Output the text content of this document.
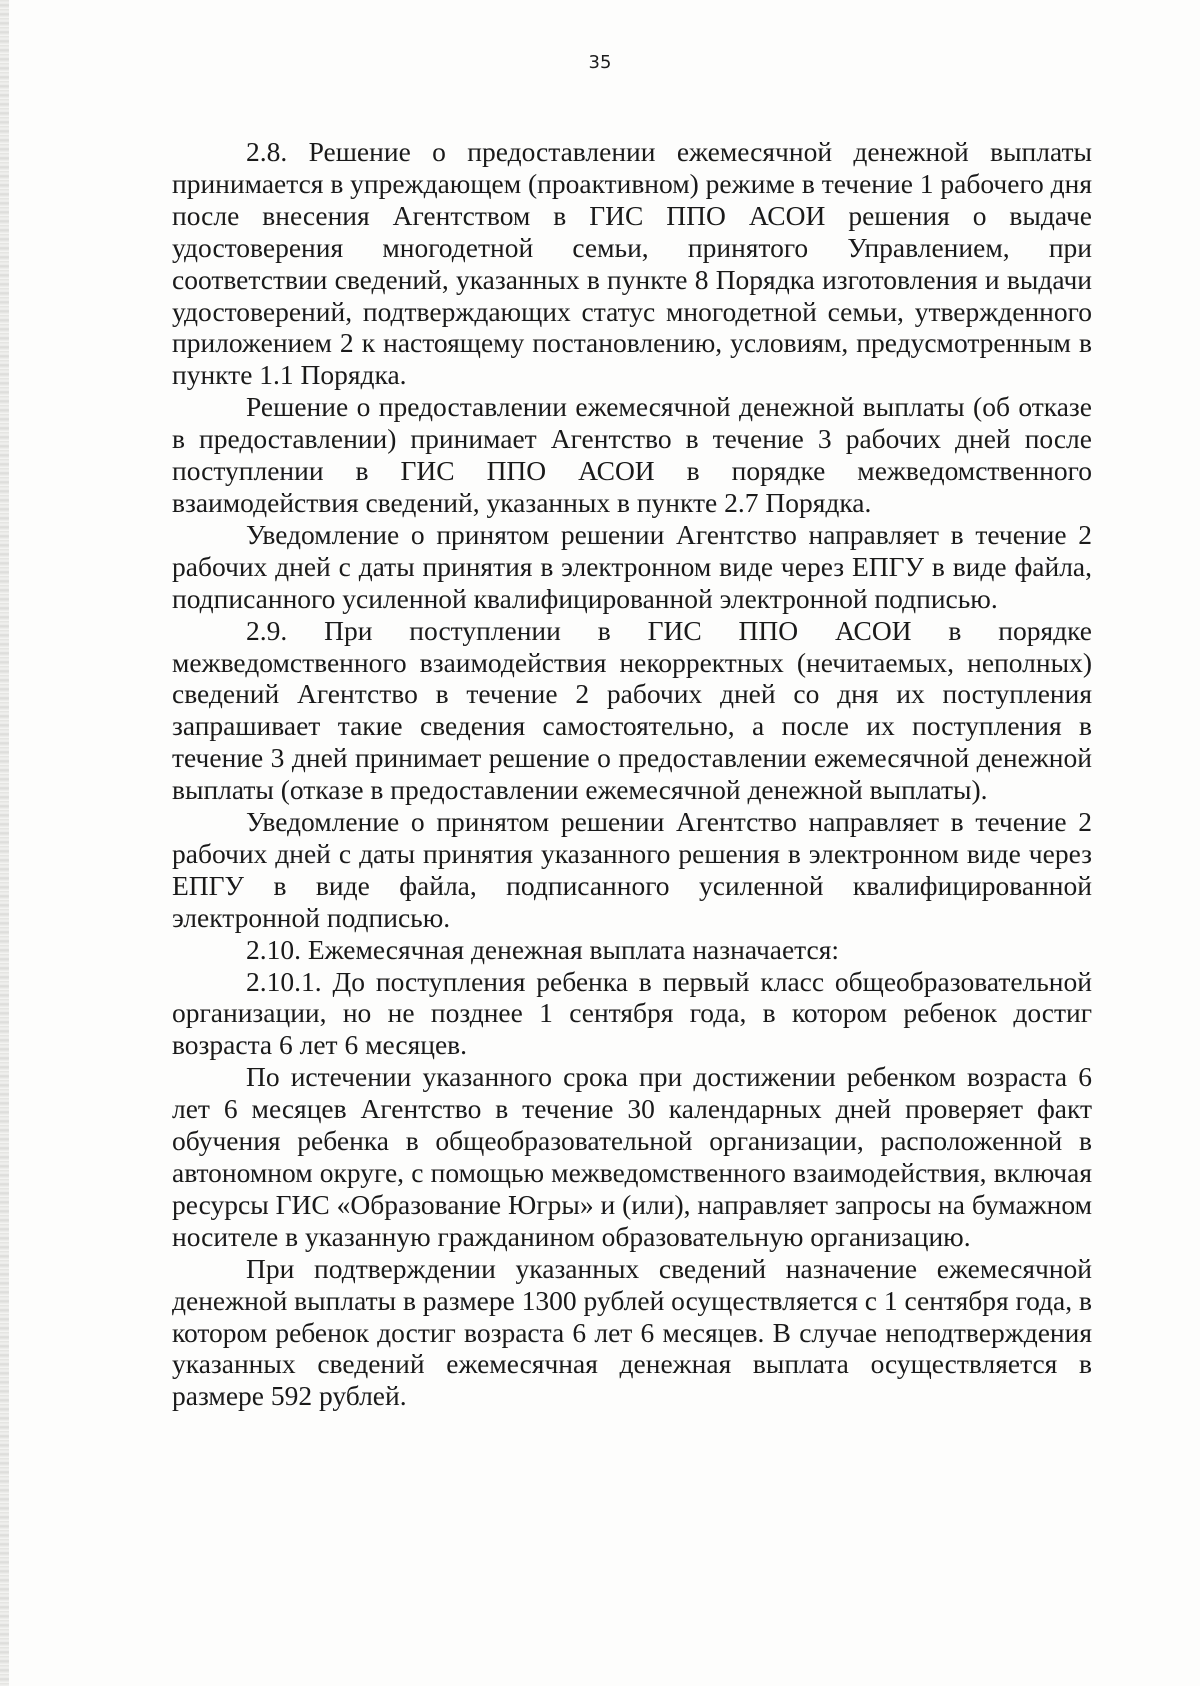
35

2.8. Решение о предоставлении ежемесячной денежной выплаты принимается в упреждающем (проактивном) режиме в течение 1 рабочего дня после внесения Агентством в ГИС ППО АСОИ решения о выдаче удостоверения многодетной семьи, принятого Управлением, при соответствии сведений, указанных в пункте 8 Порядка изготовления и выдачи удостоверений, подтверждающих статус многодетной семьи, утвержденного приложением 2 к настоящему постановлению, условиям, предусмотренным в пункте 1.1 Порядка.

Решение о предоставлении ежемесячной денежной выплаты (об отказе в предоставлении) принимает Агентство в течение 3 рабочих дней после поступлении в ГИС ППО АСОИ в порядке межведомственного взаимодействия сведений, указанных в пункте 2.7 Порядка.

Уведомление о принятом решении Агентство направляет в течение 2 рабочих дней с даты принятия в электронном виде через ЕПГУ в виде файла, подписанного усиленной квалифицированной электронной подписью.

2.9. При поступлении в ГИС ППО АСОИ в порядке межведомственного взаимодействия некорректных (нечитаемых, неполных) сведений Агентство в течение 2 рабочих дней со дня их поступления запрашивает такие сведения самостоятельно, а после их поступления в течение 3 дней принимает решение о предоставлении ежемесячной денежной выплаты (отказе в предоставлении ежемесячной денежной выплаты).

Уведомление о принятом решении Агентство направляет в течение 2 рабочих дней с даты принятия указанного решения в электронном виде через ЕПГУ в виде файла, подписанного усиленной квалифицированной электронной подписью.

2.10. Ежемесячная денежная выплата назначается:

2.10.1. До поступления ребенка в первый класс общеобразовательной организации, но не позднее 1 сентября года, в котором ребенок достиг возраста 6 лет 6 месяцев.

По истечении указанного срока при достижении ребенком возраста 6 лет 6 месяцев Агентство в течение 30 календарных дней проверяет факт обучения ребенка в общеобразовательной организации, расположенной в автономном округе, с помощью межведомственного взаимодействия, включая ресурсы ГИС «Образование Югры» и (или), направляет запросы на бумажном носителе в указанную гражданином образовательную организацию.

При подтверждении указанных сведений назначение ежемесячной денежной выплаты в размере 1300 рублей осуществляется с 1 сентября года, в котором ребенок достиг возраста 6 лет 6 месяцев. В случае неподтверждения указанных сведений ежемесячная денежная выплата осуществляется в размере 592 рублей.
